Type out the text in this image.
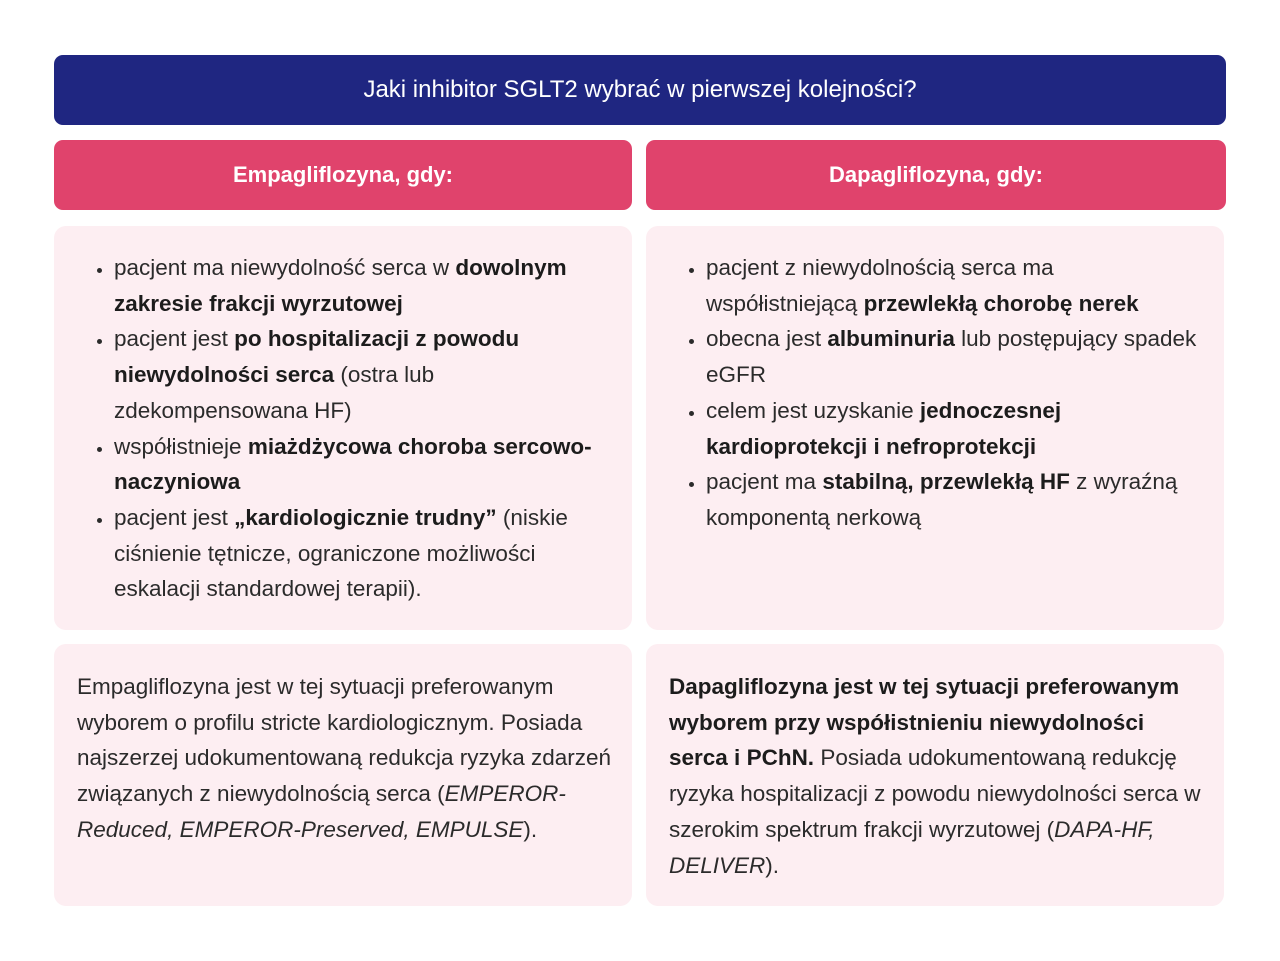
Jaki inhibitor SGLT2 wybrać w pierwszej kolejności?
Empagliflozyna, gdy:	Dapagliflozyna, gdy:
• pacjent ma niewydolność serca w dowolnym zakresie frakcji wyrzutowej
• pacjent jest po hospitalizacji z powodu niewydolności serca (ostra lub zdekompensowana HF)
• współistnieje miażdżycowa choroba sercowo-naczyniowa
• pacjent jest „kardiologicznie trudny” (niskie ciśnienie tętnicze, ograniczone możliwości eskalacji standardowej terapii).
• pacjent z niewydolnością serca ma współistniejącą przewlekłą chorobę nerek
• obecna jest albuminuria lub postępujący spadek eGFR
• celem jest uzyskanie jednoczesnej kardioprotekcji i nefroprotekcji
• pacjent ma stabilną, przewlekłą HF z wyraźną komponentą nerkową

Empagliflozyna jest w tej sytuacji preferowanym wyborem o profilu stricte kardiologicznym. Posiada najszerzej udokumentowaną redukcja ryzyka zdarzeń związanych z niewydolnością serca (EMPEROR-Reduced, EMPEROR-Preserved, EMPULSE).

Dapagliflozyna jest w tej sytuacji preferowanym wyborem przy współistnieniu niewydolności serca i PChN. Posiada udokumentowaną redukcję ryzyka hospitalizacji z powodu niewydolności serca w szerokim spektrum frakcji wyrzutowej (DAPA-HF, DELIVER).
